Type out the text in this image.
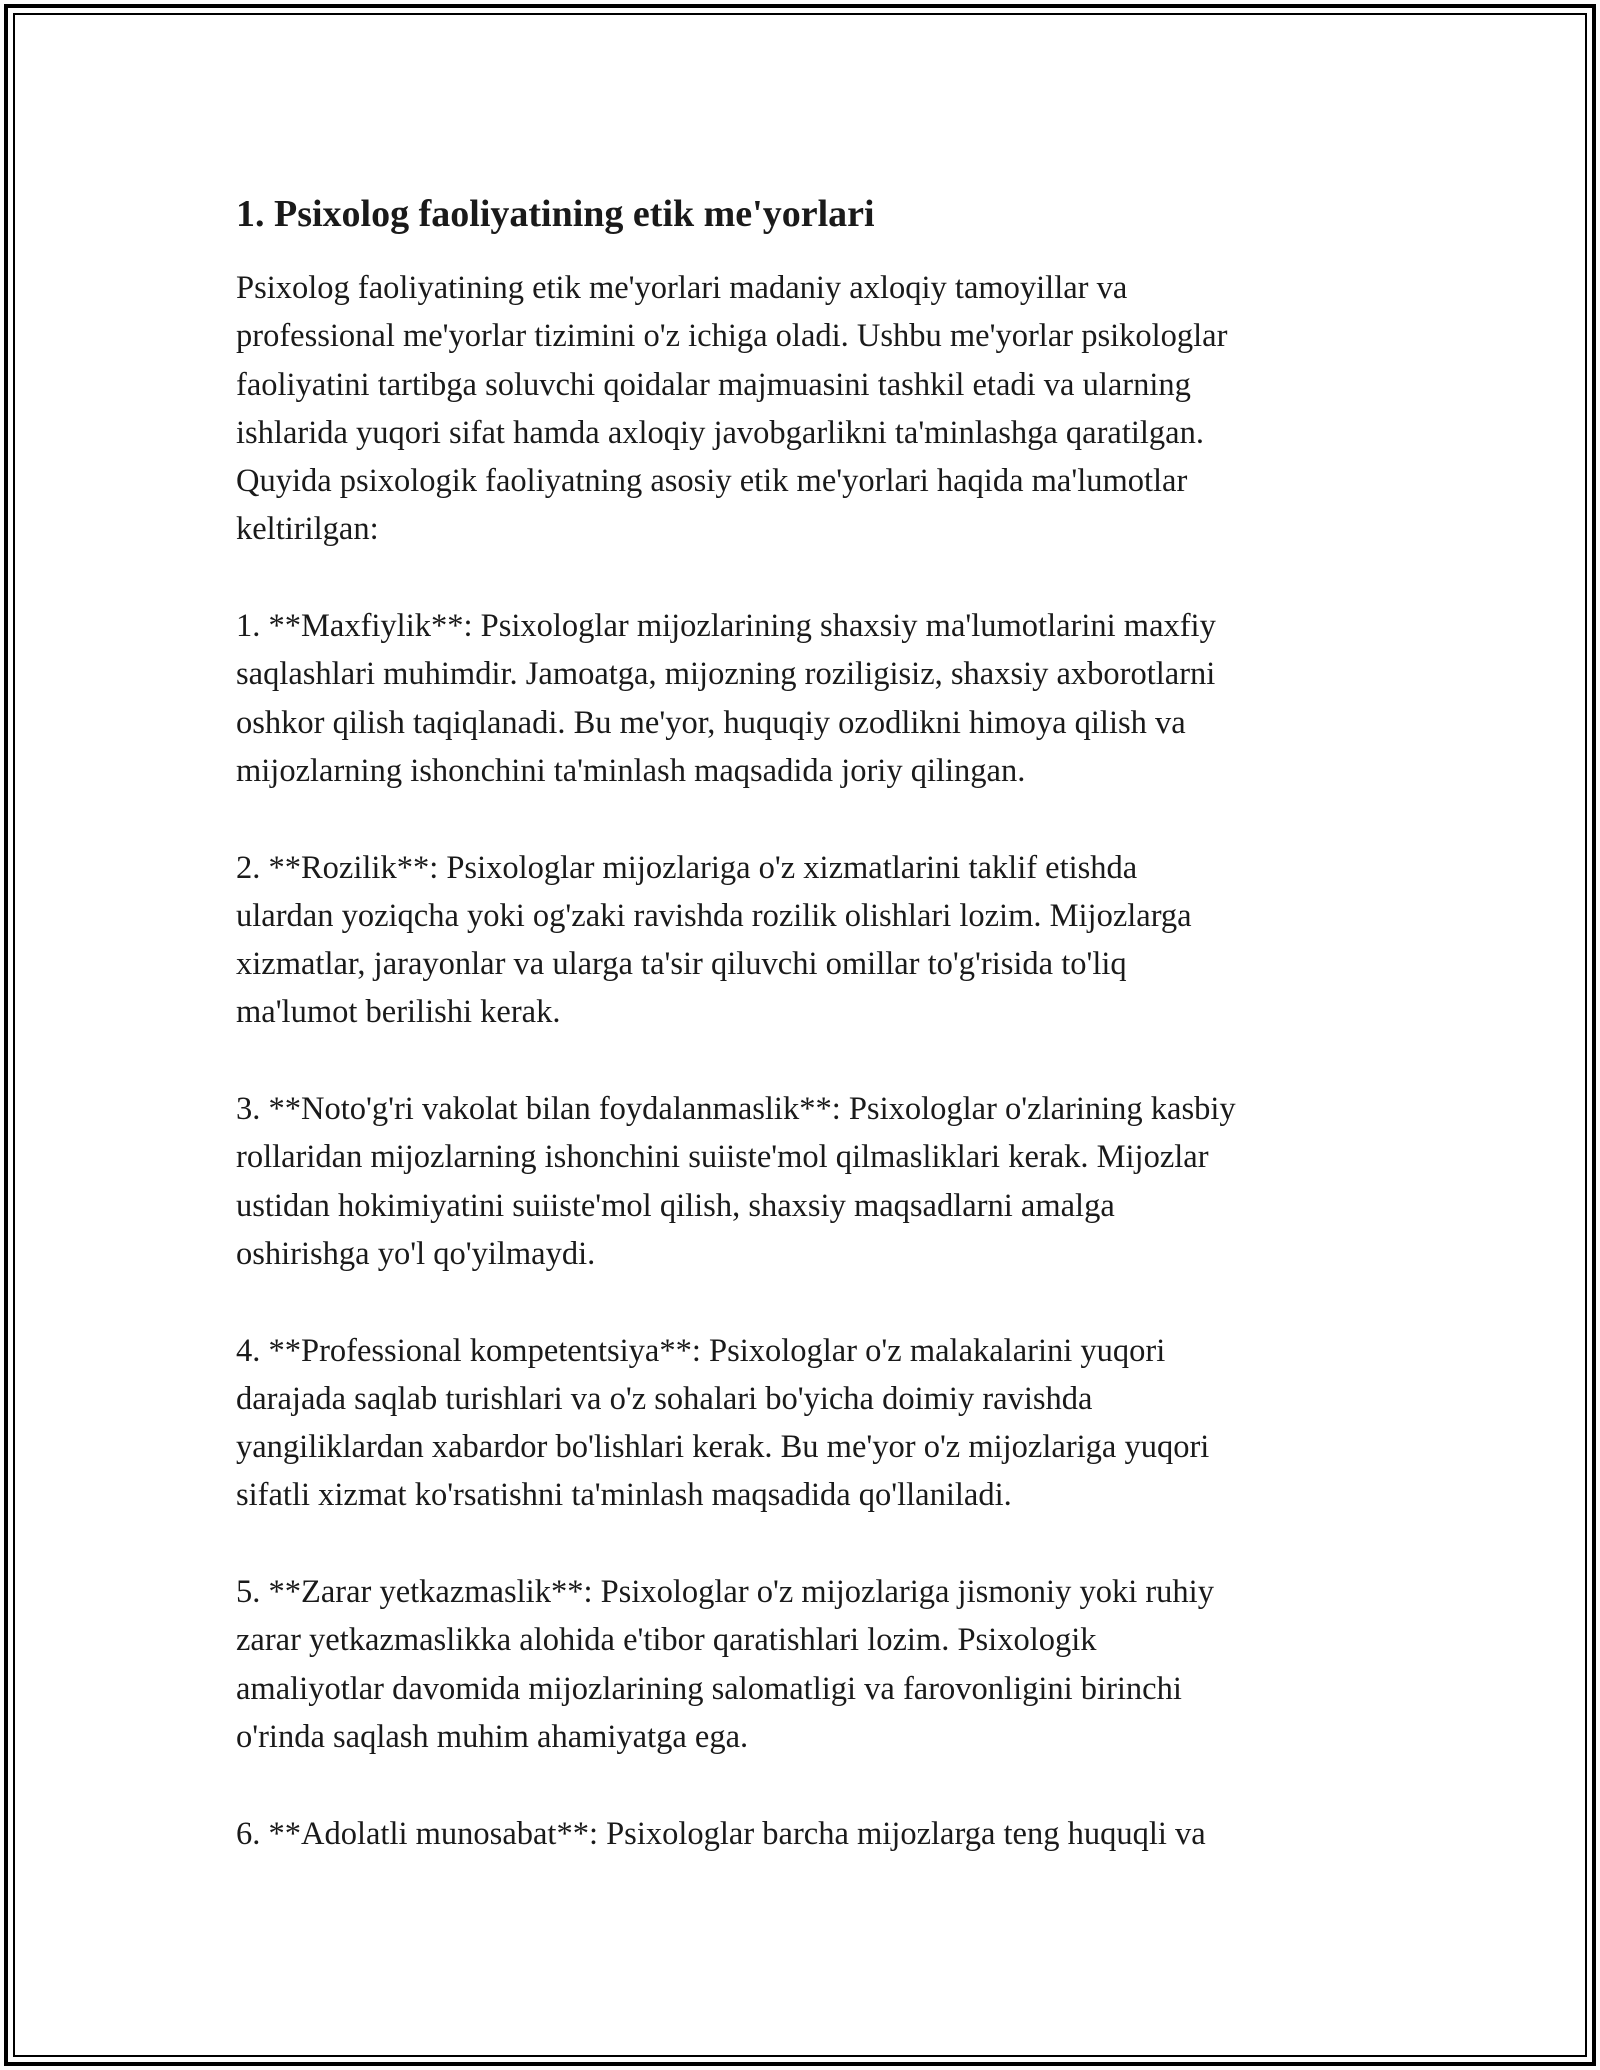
1. Psixolog faoliyatining etik me'yorlari
Psixolog faoliyatining etik me'yorlari madaniy axloqiy tamoyillar va
professional me'yorlar tizimini o'z ichiga oladi. Ushbu me'yorlar psikologlar
faoliyatini tartibga soluvchi qoidalar majmuasini tashkil etadi va ularning
ishlarida yuqori sifat hamda axloqiy javobgarlikni ta'minlashga qaratilgan.
Quyida psixologik faoliyatning asosiy etik me'yorlari haqida ma'lumotlar
keltirilgan:
1. **Maxfiylik**: Psixologlar mijozlarining shaxsiy ma'lumotlarini maxfiy
saqlashlari muhimdir. Jamoatga, mijozning roziligisiz, shaxsiy axborotlarni
oshkor qilish taqiqlanadi. Bu me'yor, huquqiy ozodlikni himoya qilish va
mijozlarning ishonchini ta'minlash maqsadida joriy qilingan.
2. **Rozilik**: Psixologlar mijozlariga o'z xizmatlarini taklif etishda
ulardan yoziqcha yoki og'zaki ravishda rozilik olishlari lozim. Mijozlarga
xizmatlar, jarayonlar va ularga ta'sir qiluvchi omillar to'g'risida to'liq
ma'lumot berilishi kerak.
3. **Noto'g'ri vakolat bilan foydalanmaslik**: Psixologlar o'zlarining kasbiy
rollaridan mijozlarning ishonchini suiiste'mol qilmasliklari kerak. Mijozlar
ustidan hokimiyatini suiiste'mol qilish, shaxsiy maqsadlarni amalga
oshirishga yo'l qo'yilmaydi.
4. **Professional kompetentsiya**: Psixologlar o'z malakalarini yuqori
darajada saqlab turishlari va o'z sohalari bo'yicha doimiy ravishda
yangiliklardan xabardor bo'lishlari kerak. Bu me'yor o'z mijozlariga yuqori
sifatli xizmat ko'rsatishni ta'minlash maqsadida qo'llaniladi.
5. **Zarar yetkazmaslik**: Psixologlar o'z mijozlariga jismoniy yoki ruhiy
zarar yetkazmaslikka alohida e'tibor qaratishlari lozim. Psixologik
amaliyotlar davomida mijozlarining salomatligi va farovonligini birinchi
o'rinda saqlash muhim ahamiyatga ega.
6. **Adolatli munosabat**: Psixologlar barcha mijozlarga teng huquqli va
